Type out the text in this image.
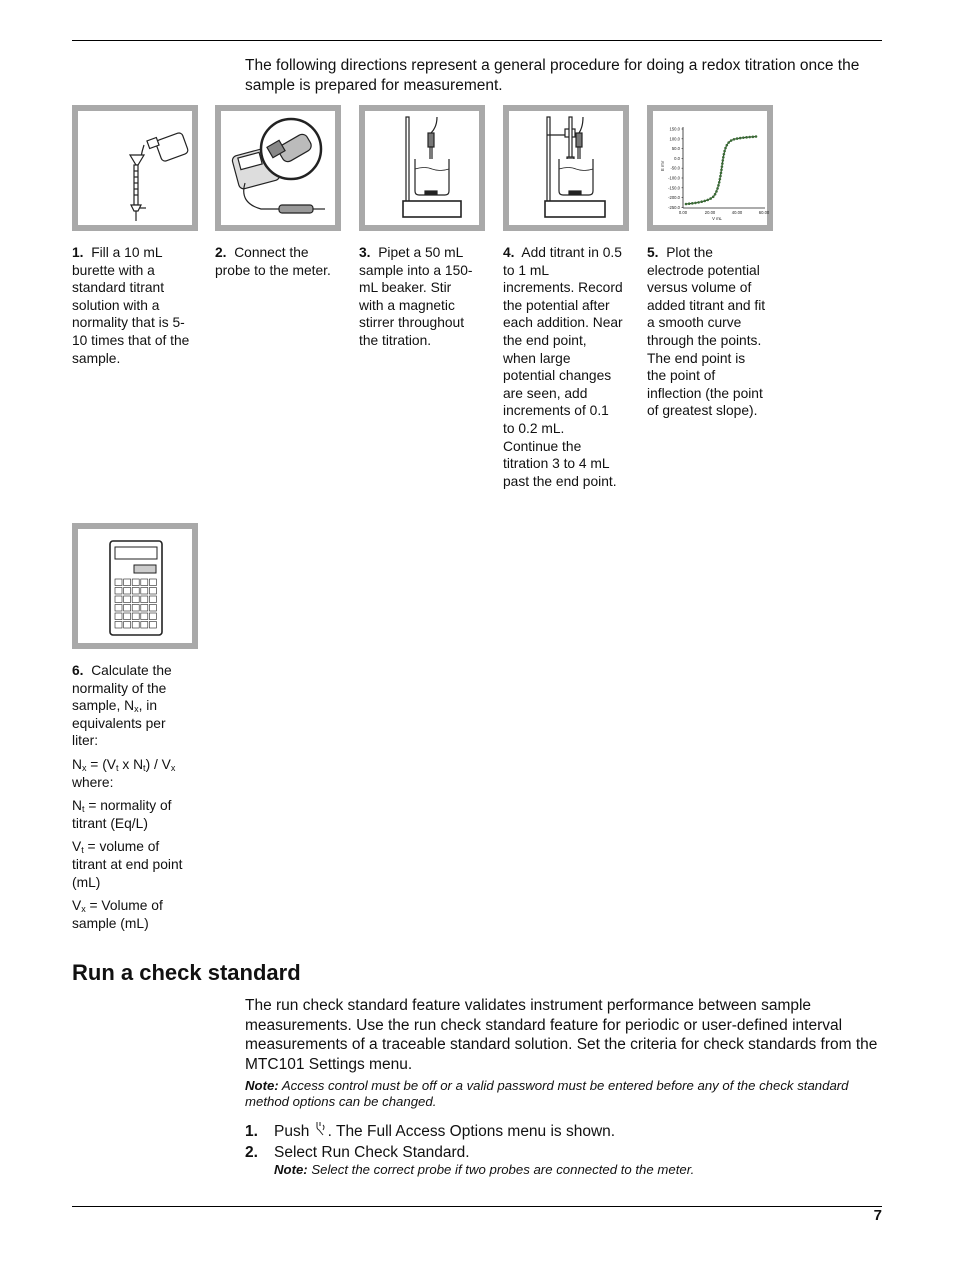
The following directions represent a general procedure for doing a redox titration once the sample is prepared for measurement.
150.0
100.0
50.0
0.0
-50.0
-100.0
-150.0
-200.0
-250.0
0.00	20.00	40.00	60.00
E mV
V mL
1. Fill a 10 mL burette with a standard titrant solution with a normality that is 5-10 times that of the sample.
2. Connect the probe to the meter.
3. Pipet a 50 mL sample into a 150-mL beaker. Stir with a magnetic stirrer throughout the titration.
4. Add titrant in 0.5 to 1 mL increments. Record the potential after each addition. Near the end point, when large potential changes are seen, add increments of 0.1 to 0.2 mL. Continue the titration 3 to 4 mL past the end point.
5. Plot the electrode potential versus volume of added titrant and fit a smooth curve through the points. The end point is the point of inflection (the point of greatest slope).

6. Calculate the normality of the sample, $N_x$, in equivalents per liter:

$N_x = (V_t$ x $N_t) / V_x$
where:

$N_t$ = normality of titrant (Eq/L)

$V_t$ = volume of titrant at end point (mL)

$V_x$ = Volume of sample (mL)

Run a check standard
The run check standard feature validates instrument performance between sample measurements. Use the run check standard feature for periodic or user-defined interval measurements of a traceable standard solution. Set the criteria for check standards from the MTC101 Settings menu.
Note: Access control must be off or a valid password must be entered before any of the check standard method options can be changed.
1. Push . The Full Access Options menu is shown.
2. Select Run Check Standard.
Note: Select the correct probe if two probes are connected to the meter.
7
